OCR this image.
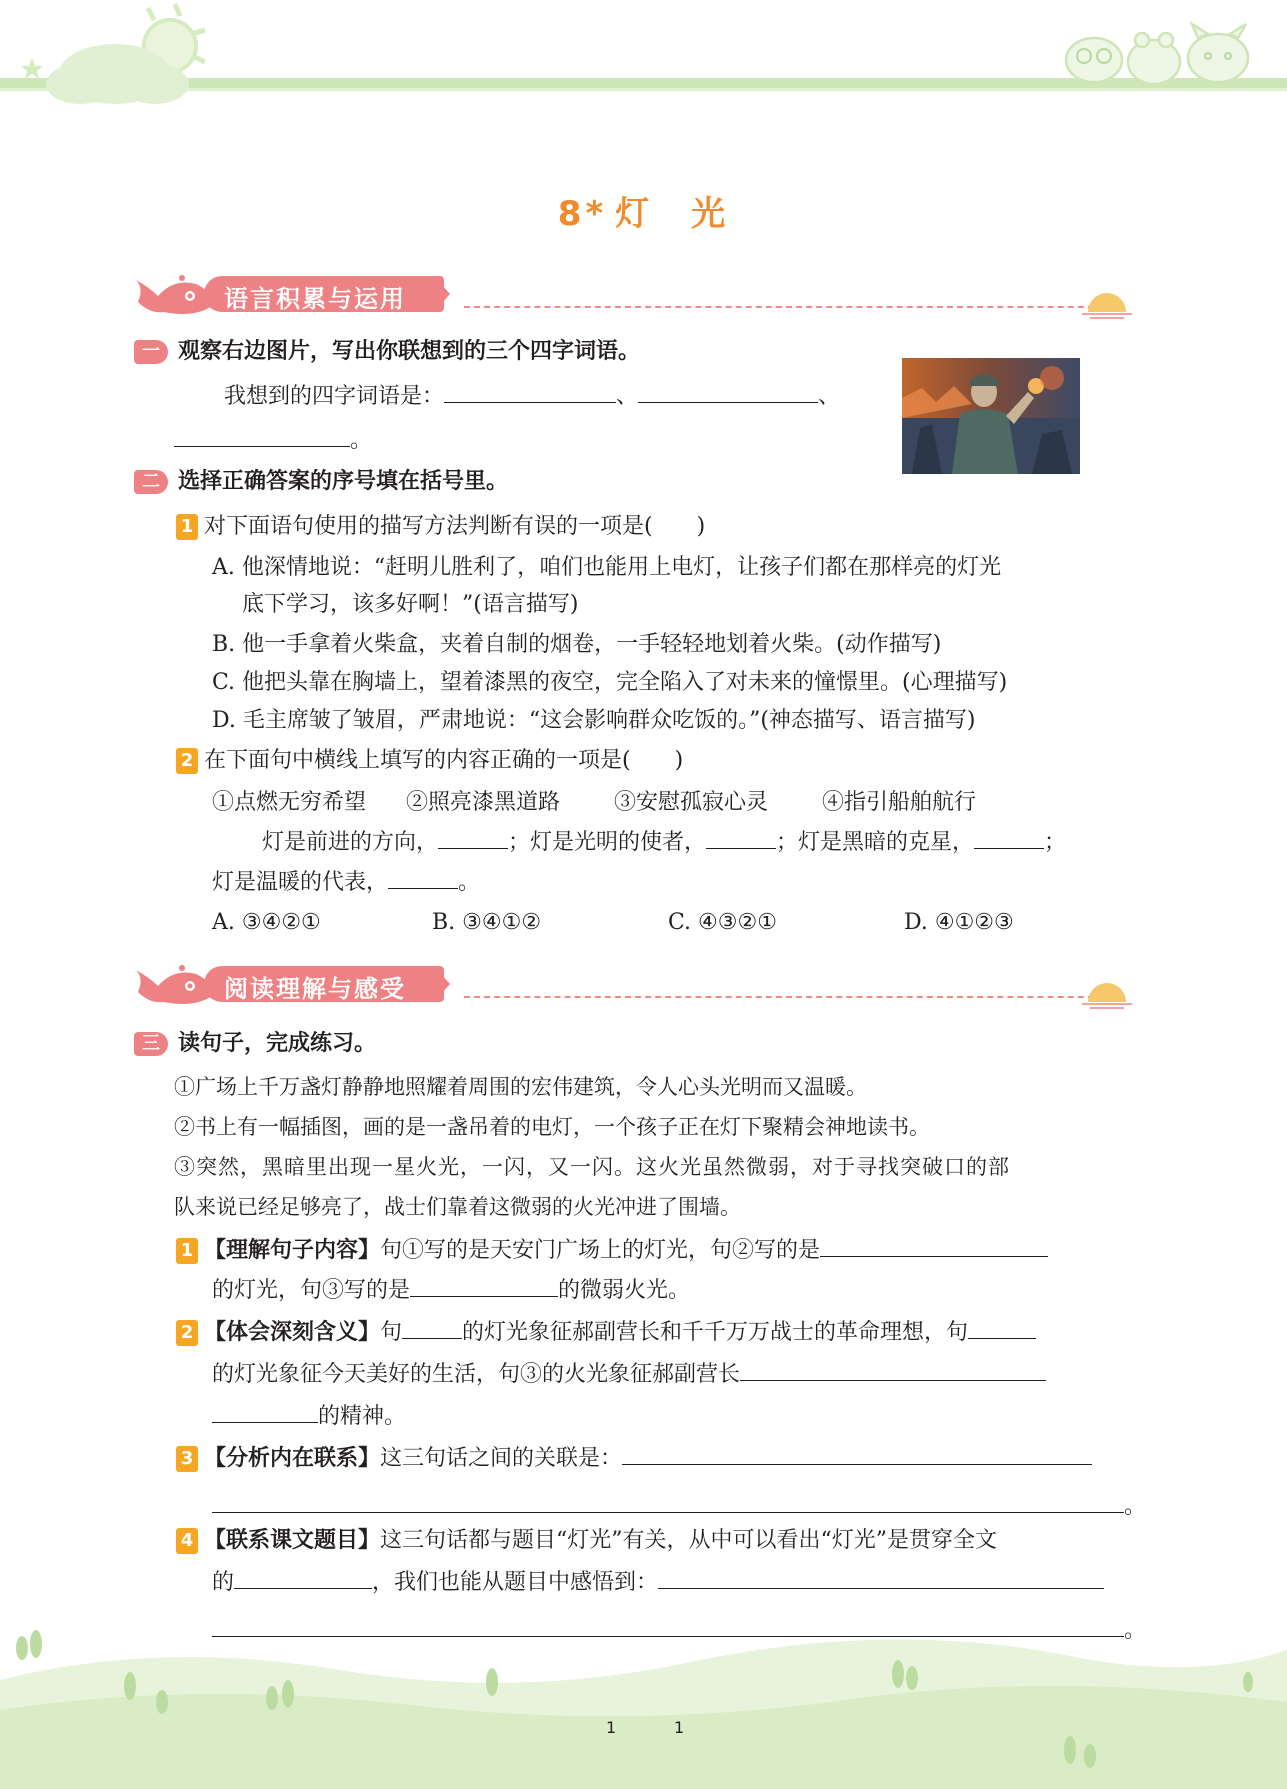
8* 灯　光
语言积累与运用
一 观察右边图片，写出你联想到的三个四字词语。
我想到的四字词语是：	、	、
。
二 选择正确答案的序号填在括号里。
1 对下面语句使用的描写方法判断有误的一项是(　　)
A. 他深情地说：“赶明儿胜利了，咱们也能用上电灯，让孩子们都在那样亮的灯光
底下学习，该多好啊！”(语言描写)
B. 他一手拿着火柴盒，夹着自制的烟卷，一手轻轻地划着火柴。(动作描写)
C. 他把头靠在胸墙上，望着漆黑的夜空，完全陷入了对未来的憧憬里。(心理描写)
D. 毛主席皱了皱眉，严肃地说：“这会影响群众吃饭的。”(神态描写、语言描写)
2 在下面句中横线上填写的内容正确的一项是(　　)
①点燃无穷希望 ②照亮漆黑道路 ③安慰孤寂心灵 ④指引船舶航行
灯是前进的方向，	；灯是光明的使者，	；灯是黑暗的克星，	；
灯是温暖的代表，	。
A. ③④②①	B. ③④①②	C. ④③②①	D. ④①②③
阅读理解与感受
三 读句子，完成练习。
①广场上千万盏灯静静地照耀着周围的宏伟建筑，令人心头光明而又温暖。
②书上有一幅插图，画的是一盏吊着的电灯，一个孩子正在灯下聚精会神地读书。
③突然，黑暗里出现一星火光，一闪，又一闪。这火光虽然微弱，对于寻找突破口的部
队来说已经足够亮了，战士们靠着这微弱的火光冲进了围墙。
1 【理解句子内容】句①写的是天安门广场上的灯光，句②写的是
的灯光，句③写的是	的微弱火光。
2 【体会深刻含义】句	的灯光象征郝副营长和千千万万战士的革命理想，句
的灯光象征今天美好的生活，句③的火光象征郝副营长
的精神。
3 【分析内在联系】这三句话之间的关联是：
。
4 【联系课文题目】这三句话都与题目“灯光”有关，从中可以看出“灯光”是贯穿全文
的	，我们也能从题目中感悟到：
。
1	1
